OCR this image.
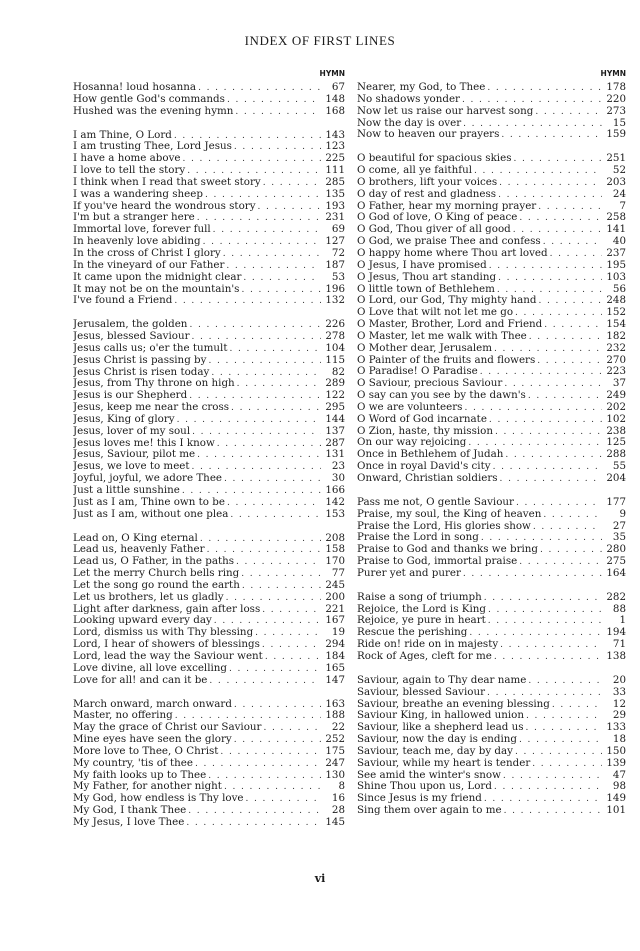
INDEX OF FIRST LINES
HYMN
Hosanna! loud hosanna . . .	67
How gentle God's commands . . .	148
Hushed was the evening hymn . . .	168
I am Thine, O Lord . . .	143
I am trusting Thee, Lord Jesus . . .	123
I have a home above . . .	225
I love to tell the story . . .	111
I think when I read that sweet story . . .	285
I was a wandering sheep . . .	135
If you've heard the wondrous story . . .	193
I'm but a stranger here . . .	231
Immortal love, forever full . . .	69
In heavenly love abiding . . .	127
In the cross of Christ I glory . . .	72
In the vineyard of our Father . . .	187
It came upon the midnight clear . . .	53
It may not be on the mountain's . . .	196
I've found a Friend . . .	132
Jerusalem, the golden . . .	226
Jesus, blessed Saviour . . .	278
Jesus calls us; o'er the tumult . . .	104
Jesus Christ is passing by . . .	115
Jesus Christ is risen today . . .	82
Jesus, from Thy throne on high . . .	289
Jesus is our Shepherd . . .	122
Jesus, keep me near the cross . . .	295
Jesus, King of glory . . .	144
Jesus, lover of my soul . . .	137
Jesus loves me! this I know . . .	287
Jesus, Saviour, pilot me . . .	131
Jesus, we love to meet . . .	23
Joyful, joyful, we adore Thee . . .	30
Just a little sunshine . . .	166
Just as I am, Thine own to be . . .	142
Just as I am, without one plea . . .	153
Lead on, O King eternal . . .	208
Lead us, heavenly Father . . .	158
Lead us, O Father, in the paths . . .	170
Let the merry Church bells ring . . .	77
Let the song go round the earth . . .	245
Let us brothers, let us gladly . . .	200
Light after darkness, gain after loss . . .	221
Looking upward every day . . .	167
Lord, dismiss us with Thy blessing . . .	19
Lord, I hear of showers of blessings . . .	294
Lord, lead the way the Saviour went . . .	184
Love divine, all love excelling . . .	165
Love for all! and can it be . . .	147
March onward, march onward . . .	163
Master, no offering . . .	188
May the grace of Christ our Saviour . . .	22
Mine eyes have seen the glory . . .	252
More love to Thee, O Christ . . .	175
My country, 'tis of thee . . .	247
My faith looks up to Thee . . .	130
My Father, for another night . . .	8
My God, how endless is Thy love . . .	16
My God, I thank Thee . . .	28
My Jesus, I love Thee . . .	145
HYMN
Nearer, my God, to Thee . . .	178
No shadows yonder . . .	220
Now let us raise our harvest song . . .	273
Now the day is over . . .	15
Now to heaven our prayers . . .	159
O beautiful for spacious skies . . .	251
O come, all ye faithful . . .	52
O brothers, lift your voices . . .	203
O day of rest and gladness . . .	24
O Father, hear my morning prayer . . .	7
O God of love, O King of peace . . .	258
O God, Thou giver of all good . . .	141
O God, we praise Thee and confess . . .	40
O happy home where Thou art loved . . .	237
O Jesus, I have promised . . .	195
O Jesus, Thou art standing . . .	103
O little town of Bethlehem . . .	56
O Lord, our God, Thy mighty hand . . .	248
O Love that wilt not let me go . . .	152
O Master, Brother, Lord and Friend . . .	154
O Master, let me walk with Thee . . .	182
O Mother dear, Jerusalem . . .	232
O Painter of the fruits and flowers . . .	270
O Paradise! O Paradise . . .	223
O Saviour, precious Saviour . . .	37
O say can you see by the dawn's . . .	249
O we are volunteers . . .	202
O Word of God incarnate . . .	102
O Zion, haste, thy mission . . .	238
On our way rejoicing . . .	125
Once in Bethlehem of Judah . . .	288
Once in royal David's city . . .	55
Onward, Christian soldiers . . .	204
Pass me not, O gentle Saviour . . .	177
Praise, my soul, the King of heaven . . .	9
Praise the Lord, His glories show . . .	27
Praise the Lord in song . . .	35
Praise to God and thanks we bring . . .	280
Praise to God, immortal praise . . .	275
Purer yet and purer . . .	164
Raise a song of triumph . . .	282
Rejoice, the Lord is King . . .	88
Rejoice, ye pure in heart . . .	1
Rescue the perishing . . .	194
Ride on! ride on in majesty . . .	71
Rock of Ages, cleft for me . . .	138
Saviour, again to Thy dear name . . .	20
Saviour, blessed Saviour . . .	33
Saviour, breathe an evening blessing . . .	12
Saviour King, in hallowed union . . .	29
Saviour, like a shepherd lead us . . .	133
Saviour, now the day is ending . . .	18
Saviour, teach me, day by day . . .	150
Saviour, while my heart is tender . . .	139
See amid the winter's snow . . .	47
Shine Thou upon us, Lord . . .	98
Since Jesus is my friend . . .	149
Sing them over again to me . . .	101
vi
